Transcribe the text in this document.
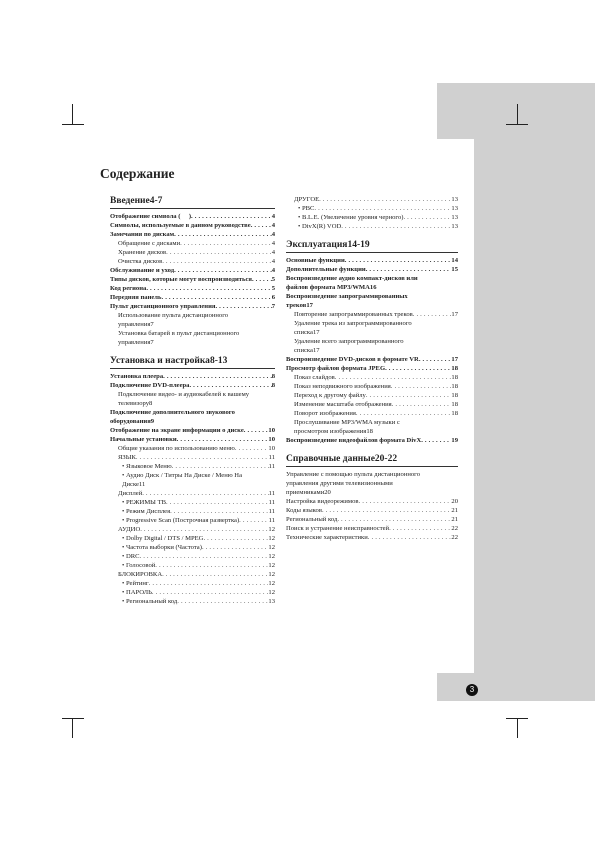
3
Содержание
Введение 4-7
Отображение символа ( ⃠ ) . . .	4
Символы, используемые в данном руководстве . . .	4
Замечания по дискам . . .	4
Обращение с дисками . . .	4
Хранение дисков . . .	4
Очистка дисков . . .	4
Обслуживание и уход . . .	4
Типы дисков, которые могут воспроизводиться . . .	5
Код региона . . .	5
Передняя панель . . .	6
Пульт дистанционного управления . . .	7
Использование пульта дистанционного
управления 7
Установка батарей в пульт дистанционного
управления 7
Установка и настройка 8-13
Установка плеера . . .	8
Подключение DVD-плеера . . .	8
Подключение видео- и аудиокабелей к вашему
телевизору 8
Подключение дополнительного звукового
оборудования 9
Отображение на экране информации о диске . . .	10
Начальные установки . . .	10
Общие указания по использованию меню . . .	10
ЯЗЫК . . .	11
• Языковое Меню . . .	11
• Аудио Диск / Титры На Диске / Меню На
Диске 11
Дисплей . . .	11
• РЕЖИМЫ ТВ . . .	11
• Режим Дисплея . . .	11
• Progressive Scan (Построчная развертка) . . .	11
АУДИО . . .	12
• Dolby Digital / DTS / MPEG . . .	12
• Частота выборки (Частота) . . .	12
• DRC . . .	12
• Голосовой . . .	12
БЛОКИРОВКА . . .	12
• Рейтинг . . .	12
• ПАРОЛЬ . . .	12
• Региональный код . . .	13
ДРУГОЕ . . .	13
• PBC . . .	13
• B.L.E. (Увеличение уровня черного) . . .	13
• DivX(R) VOD . . .	13
Эксплуатация 14-19
Основные функции . . .	14
Дополнительные функции . . .	15
Воспроизведение аудио компакт-дисков или
файлов формата MP3/WMA 16
Воспроизведение запрограммированных
треков 17
Повторение запрограммированных треков . . .	17
Удаление трека из запрограммированного
списка 17
Удаление всего запрограммированного
списка 17
Воспроизведение DVD-дисков в формате VR . . .	17
Просмотр файлов формата JPEG . . .	18
Показ слайдов . . .	18
Показ неподвижного изображения . . .	18
Переход к другому файлу . . .	18
Изменение масштаба отображения . . .	18
Поворот изображения . . .	18
Прослушивание MP3/WMA музыки с
просмотром изображения 18
Воспроизведение видеофайлов формата DivX . . .	19
Справочные данные 20-22
Управление с помощью пульта дистанционного
управления другими телевизионными
приемниками 20
Настройка видеорежимов . . .	20
Коды языков . . .	21
Региональный код . . .	21
Поиск и устранение неисправностей . . .	22
Технические характеристики . . .	22
